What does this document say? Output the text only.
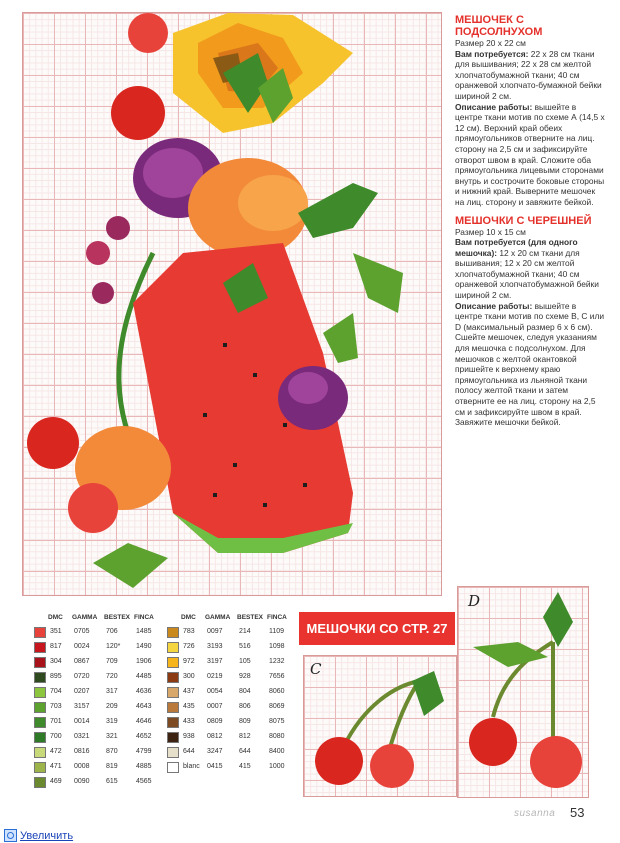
МЕШОЧЕК С ПОДСОЛНУХОМ

Размер 20 х 22 см

Вам потребуется: 22 х 28 см ткани для вышивания; 22 х 28 см желтой хлопчатобумажной ткани; 40 см оранжевой хлопчато-бумажной бейки шириной 2 см.

Описание работы: вышейте в центре ткани мотив по схеме А (14,5 х 12 см). Верхний край обеих прямоугольников отверните на лиц. сторону на 2,5 см и зафиксируйте отворот швом в край. Сложите оба прямоугольника лицевыми сторонами внутрь и сострочите боковые стороны и нижний край. Выверните мешочек на лиц. сторону и завяжите бейкой.

МЕШОЧКИ С ЧЕРЕШНЕЙ

Размер 10 х 15 см

Вам потребуется (для одного мешочка): 12 х 20 см ткани для вышивания; 12 х 20 см желтой хлопчатобумажной ткани; 40 см оранжевой хлопчатобумажной бейки шириной 2 см.

Описание работы: вышейте в центре ткани мотив по схеме В, С или D (максимальный размер 6 х 6 см). Сшейте мешочек, следуя указаниям для мешочка с подсолнухом. Для мешочков с желтой окантовкой пришейте к верхнему краю прямоугольника из льняной ткани полосу желтой ткани и затем отверните ее на лиц. сторону на 2,5 см и зафиксируйте швом в край. Завяжите мешочки бейкой.

DMC GAMMA BESTEX FINCA
351 0705 706	1485
817 0024 120* 1490
304 0867 709	1906
895 0720 720	4485
704 0207 317	4636
703 3157 209	4643
701 0014 319	4646
700 0321 321	4652
472 0816 870	4799
471 0008 819	4885
469 0090 615	4565
DMC GAMMA BESTEX FINCA
783 0097 214	1109
726 3193 516	1098
972 3197 105	1232
300 0219 928	7656
437 0054 804	8060
435 0007 806	8069
433 0809 809	8075
938 0812 812	8080
644 3247 644	8400
blanc 0415 415	1000
МЕШОЧКИ СО СТР. 27
C
D
susanna 53
Увеличить
